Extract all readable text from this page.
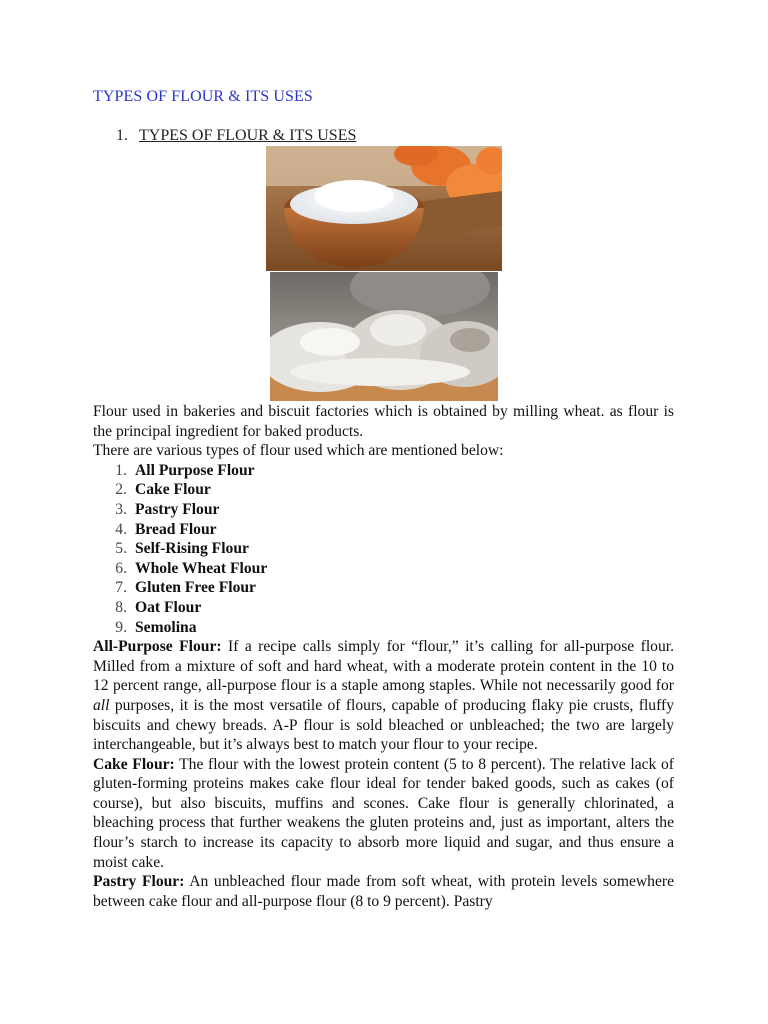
TYPES OF FLOUR & ITS USES
1. TYPES OF FLOUR & ITS USES

Flour used in bakeries and biscuit factories which is obtained by milling wheat. as flour is the principal ingredient for baked products.

There are various types of flour used which are mentioned below:

1. All Purpose Flour
2. Cake Flour
3. Pastry Flour
4. Bread Flour
5. Self-Rising Flour
6. Whole Wheat Flour
7. Gluten Free Flour
8. Oat Flour
9. Semolina

All-Purpose Flour: If a recipe calls simply for “flour,” it’s calling for all-purpose flour. Milled from a mixture of soft and hard wheat, with a moderate protein content in the 10 to 12 percent range, all-purpose flour is a staple among staples. While not necessarily good for all purposes, it is the most versatile of flours, capable of producing flaky pie crusts, fluffy biscuits and chewy breads. A-P flour is sold bleached or unbleached; the two are largely interchangeable, but it’s always best to match your flour to your recipe.

Cake Flour: The flour with the lowest protein content (5 to 8 percent). The relative lack of gluten-forming proteins makes cake flour ideal for tender baked goods, such as cakes (of course), but also biscuits, muffins and scones. Cake flour is generally chlorinated, a bleaching process that further weakens the gluten proteins and, just as important, alters the flour’s starch to increase its capacity to absorb more liquid and sugar, and thus ensure a moist cake.

Pastry Flour: An unbleached flour made from soft wheat, with protein levels somewhere between cake flour and all-purpose flour (8 to 9 percent). Pastry
